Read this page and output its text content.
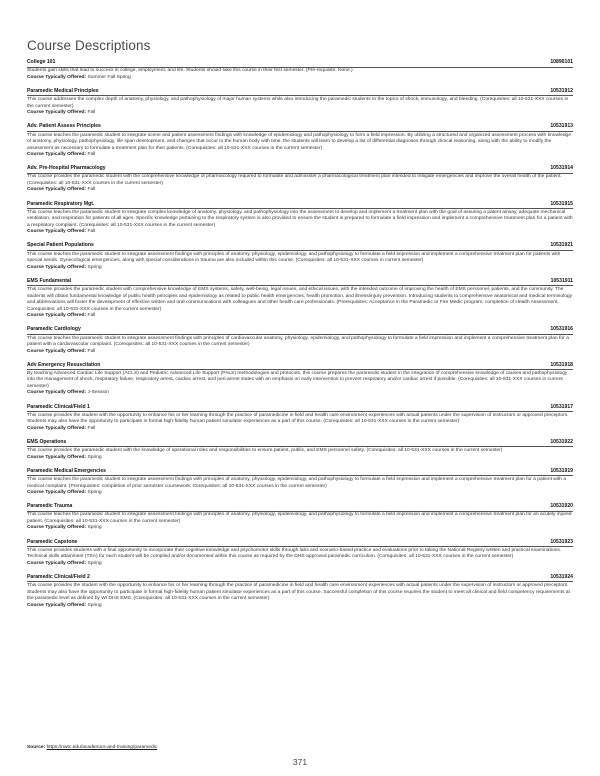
Course Descriptions
College 101	10890101
Students gain skills that lead to success in college, employment, and life. Students should take this course in their first semester. (Pre-requisite: None.)
Course Typically Offered: Summer Fall Spring
Paramedic Medical Principles	10531912
This course addresses the complex depth of anatomy, physiology, and pathophysiology of major human systems while also introducing the paramedic students to the topics of shock, immunology, and bleeding. (Corequisites: all 10-531-XXX courses in the current semester)
Course Typically Offered: Fall
Adv. Patient Assess Principles	10531913
This course teaches the paramedic student to integrate scene and patient assessment findings with knowledge of epidemiology and pathophysiology to form a field impression. By utilizing a structured and organized assessment process with knowledge of anatomy, physiology, pathophysiology, life span development, and changes that occur to the human body with time, the students will learn to develop a list of differential diagnoses through clinical reasoning, along with the ability to modify the assessment as necessary to formulate a treatment plan for their patients. (Corequisites: all 10-531-XXX courses in the current semester)
Course Typically Offered: Fall
Adv. Pre-Hospital Pharmacology	10531914
This course provides the paramedic student with the comprehensive knowledge of pharmacology required to formulate and administer a pharmacological treatment plan intended to mitigate emergencies and improve the overall health of the patient. (Corequisites: all 10-531-XXX courses in the current semester)
Course Typically Offered: Fall
Paramedic Respiratory Mgt.	10531915
This course teaches the paramedic student to integrate complex knowledge of anatomy, physiology, and pathophysiology into the assessment to develop and implement a treatment plan with the goal of assuring a patent airway, adequate mechanical ventilation, and respiration for patients of all ages. Specific knowledge pertaining to the respiratory system is also provided to ensure the student is prepared to formulate a field impression and implement a comprehensive treatment plan for a patient with a respiratory complaint. (Corequisites: all 10-531-XXX courses in the current semester)
Course Typically Offered: Fall
Special Patient Populations	10531921
This course teaches the paramedic student to integrate assessment findings with principles of anatomy, physiology, epidemiology, and pathophysiology to formulate a field impression and implement a comprehensive treatment plan for patients with special needs. Gynecological emergencies, along with special considerations in trauma are also included within this course. (Corequisites: all 10-531-XXX courses in current semester)
Course Typically Offered: Spring
EMS Fundamental	10531911
This course provides the paramedic student with comprehensive knowledge of EMS systems, safety, well-being, legal issues, and ethical issues, with the intended outcome of improving the health of EMS personnel, patients, and the community. The students will obtain fundamental knowledge of public health principles and epidemiology as related to public health emergencies, health promotion, and illness/injury prevention. Introducing students to comprehensive anatomical and medical terminology and abbreviations will foster the development of effective written and oral communications with colleagues and other health care professionals. (Prerequisites: Acceptance in the Paramedic or Fire Medic program; completion of Health Assessment, Corequisites: all 10-531-XXX courses in the current semester)
Course Typically Offered: Fall
Paramedic Cardiology	10531916
This course teaches the paramedic student to integrate assessment findings with principles of cardiovascular anatomy, physiology, epidemiology, and pathophysiology to formulate a field impression and implement a comprehensive treatment plan for a patient with a cardiovascular complaint. (Corequisites: all 10-531-XXX courses in the current semester)
Course Typically Offered: Fall
Adv Emergency Resuscitation	10531918
By teaching Advanced Cardiac Life Support (ACLS) and Pediatric Advanced Life Support (PALS) methodologies and protocols, this course prepares the paramedic student in the integration of comprehensive knowledge of causes and pathophysiology into the management of shock, respiratory failure, respiratory arrest, cardiac arrest, and peri-arrest states with an emphasis on early intervention to prevent respiratory and/or cardiac arrest if possible. (Corequisites: all 10-531-XXX courses in current semester)
Course Typically Offered: J-Session
Paramedic Clinical/Field 1	10531917
This course provides the student with the opportunity to enhance his or her learning through the practice of paramedicine in field and health care environment experiences with actual patients under the supervision of instructors or approved preceptors. Students may also have the opportunity to participate in formal high-fidelity human patient simulator experiences as a part of this course. (Corequisites: all 10-531-XXX courses in the current semester)
Course Typically Offered: Fall
EMS Operations	10531922
This course provides the paramedic student with the knowledge of operational roles and responsibilities to ensure patient, public, and EMS personnel safety. (Corequisites: all 10-531-XXX courses in the current semester)
Course Typically Offered: Spring
Paramedic Medical Emergencies	10531919
This course teaches the paramedic student to integrate assessment findings with principles of anatomy, physiology, epidemiology, and pathophysiology to formulate a field impression and implement a comprehensive treatment plan for a patient with a medical complaint. (Prerequisites: completion of prior semester coursework; Corequisites: all 10-531-XXX courses in the current semester)
Course Typically Offered: Spring
Paramedic Trauma	10531920
This course teaches the paramedic student to integrate assessment findings with principles of anatomy, physiology, epidemiology, and pathophysiology to formulate a field impression and implement a comprehensive treatment plan for an acutely injured patient. (Corequisites: all 10-531-XXX courses in the current semester)
Course Typically Offered: Spring
Paramedic Capstone	10531923
This course provides students with a final opportunity to incorporate their cognitive knowledge and psychomotor skills through labs and scenario-based practice and evaluations prior to taking the National Registry written and practical examinations. Technical skills attainment (TSA) for each student will be compiled and/or documented within this course as required by the DHS-approved paramedic curriculum. (Corequisites: all 10-531-XXX courses in the current semester)
Course Typically Offered: Spring
Paramedic Clinical/Field 2	10531924
This course provides the student with the opportunity to enhance his or her learning through the practice of paramedicine in field and health care environment experiences with actual patients under the supervision of instructors or approved preceptors. Students may also have the opportunity to participate in formal high-fidelity human patient simulator experiences as a part of this course. Successful completion of this course requires the student to meet all clinical and field competency requirements at the paramedic level as defined by WI DHS EMS. (Corequisites: all 10-531-XXX courses in the current semester)
Course Typically Offered: Spring
Source: https://nwtc.edu/academics-and-training/paramedic
371
